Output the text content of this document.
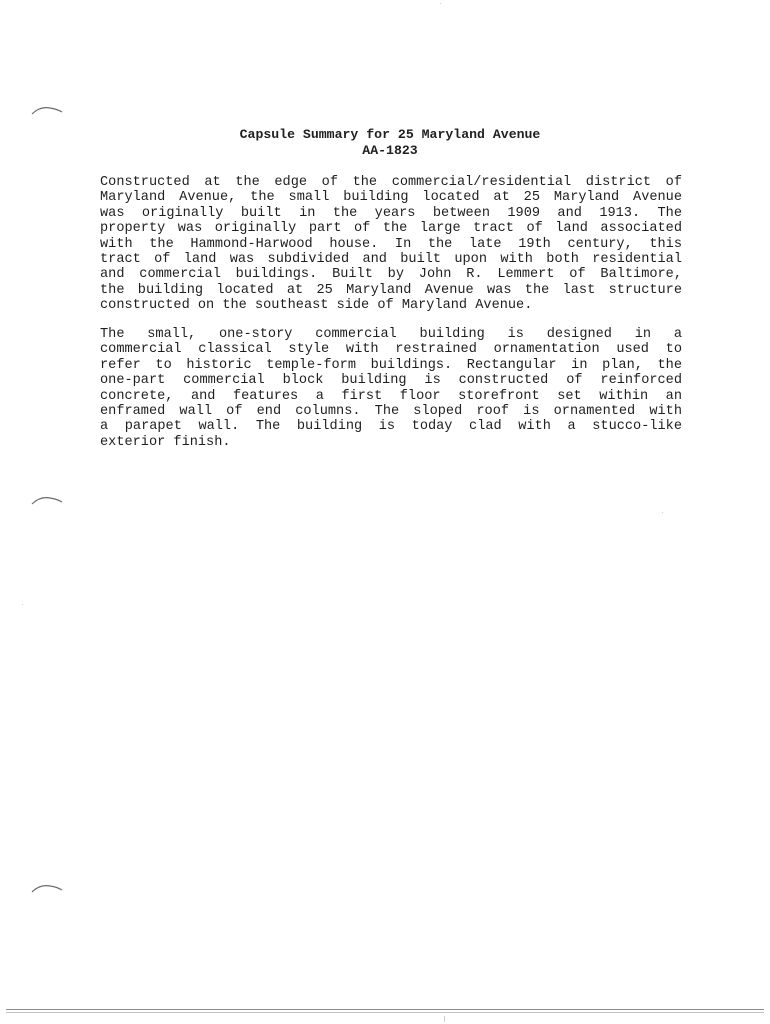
Capsule Summary for 25 Maryland Avenue
AA-1823
Constructed at the edge of the commercial/residential district of
Maryland Avenue, the small building located at 25 Maryland Avenue
was originally built in the years between 1909 and 1913. The
property was originally part of the large tract of land associated
with the Hammond-Harwood house. In the late 19th century, this
tract of land was subdivided and built upon with both residential
and commercial buildings. Built by John R. Lemmert of Baltimore,
the building located at 25 Maryland Avenue was the last structure
constructed on the southeast side of Maryland Avenue.
The small, one-story commercial building is designed in a
commercial classical style with restrained ornamentation used to
refer to historic temple-form buildings. Rectangular in plan, the
one-part commercial block building is constructed of reinforced
concrete, and features a first floor storefront set within an
enframed wall of end columns. The sloped roof is ornamented with
a parapet wall. The building is today clad with a stucco-like
exterior finish.
